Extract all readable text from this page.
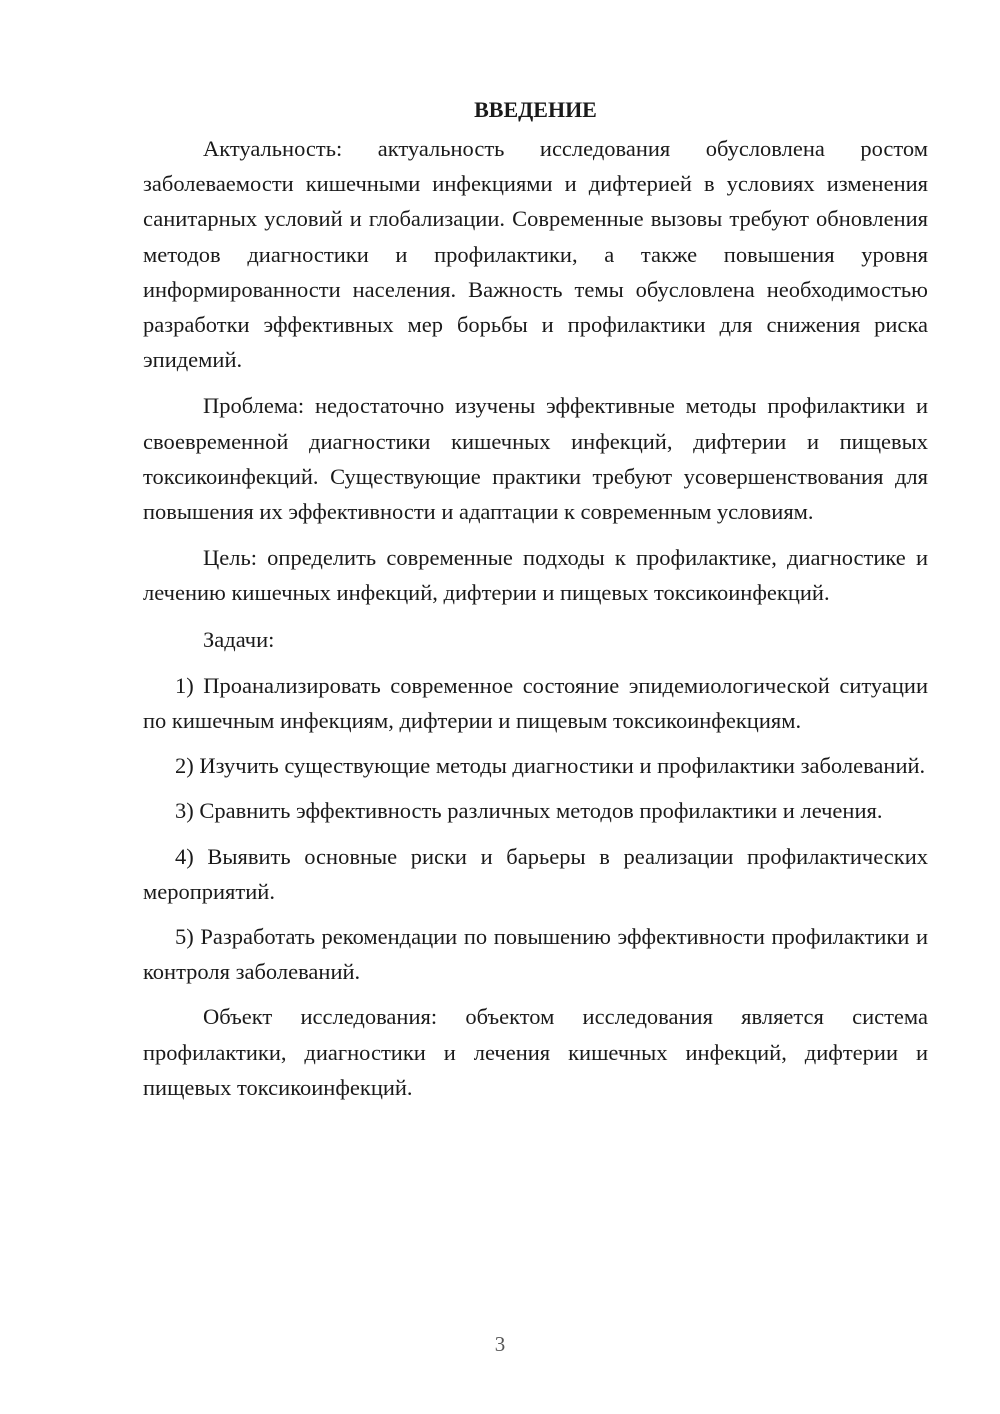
ВВЕДЕНИЕ

Актуальность: актуальность исследования обусловлена ростом заболеваемости кишечными инфекциями и дифтерией в условиях изменения санитарных условий и глобализации. Современные вызовы требуют обновления методов диагностики и профилактики, а также повышения уровня информированности населения. Важность темы обусловлена необходимостью разработки эффективных мер борьбы и профилактики для снижения риска эпидемий.

Проблема: недостаточно изучены эффективные методы профилактики и своевременной диагностики кишечных инфекций, дифтерии и пищевых токсикоинфекций. Существующие практики требуют усовершенствования для повышения их эффективности и адаптации к современным условиям.

Цель: определить современные подходы к профилактике, диагностике и лечению кишечных инфекций, дифтерии и пищевых токсикоинфекций.

Задачи:

1) Проанализировать современное состояние эпидемиологической ситуации по кишечным инфекциям, дифтерии и пищевым токсикоинфекциям.

2) Изучить существующие методы диагностики и профилактики заболеваний.

3) Сравнить эффективность различных методов профилактики и лечения.

4) Выявить основные риски и барьеры в реализации профилактических мероприятий.

5) Разработать рекомендации по повышению эффективности профилактики и контроля заболеваний.

Объект исследования: объектом исследования является система профилактики, диагностики и лечения кишечных инфекций, дифтерии и пищевых токсикоинфекций.

3
